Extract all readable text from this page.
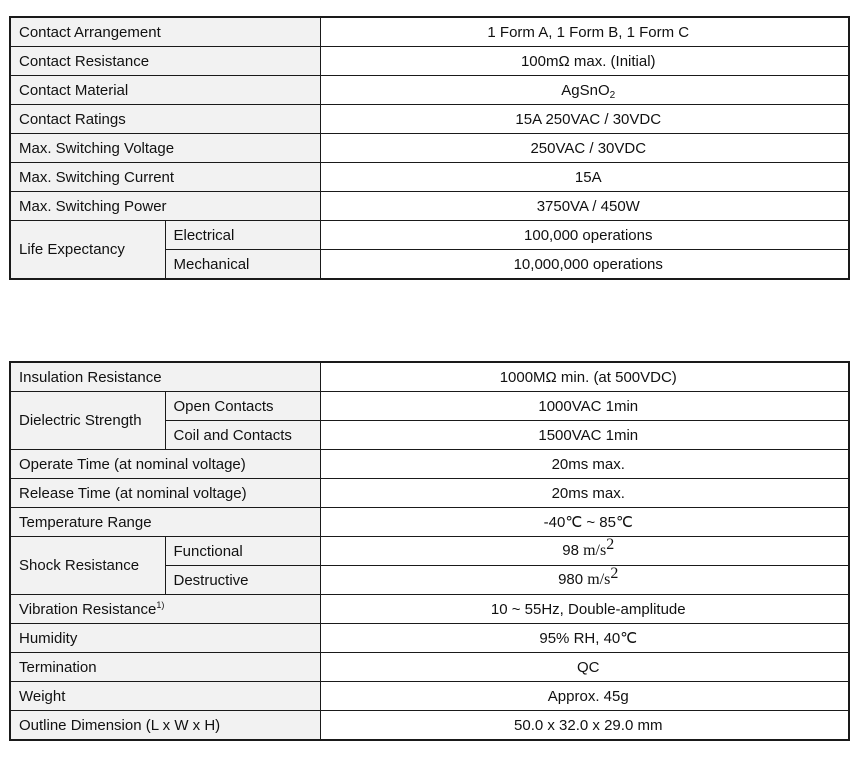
Contact Arrangement		1 Form A, 1 Form B, 1 Form C
Contact Resistance		100mΩ max. (Initial)
Contact Material		AgSnO$_2$
Contact Ratings		15A 250VAC / 30VDC
Max. Switching Voltage		250VAC / 30VDC
Max. Switching Current		15A
Max. Switching Power		3750VA / 450W
Life Expectancy	Electrical	100,000 operations
	Mechanical	10,000,000 operations
Insulation Resistance		1000MΩ min. (at 500VDC)
Dielectric Strength	Open Contacts	1000VAC 1min
	Coil and Contacts	1500VAC 1min
Operate Time (at nominal voltage)		20ms max.
Release Time (at nominal voltage)		20ms max.
Temperature Range		-40℃ ~ 85℃
Shock Resistance	Functional	98 $m/s^2$
	Destructive	980 $m/s^2$
Vibration Resistance$^{1)}$		10 ~ 55Hz, Double-amplitude
Humidity		95% RH, 40℃
Termination		QC
Weight		Approx. 45g
Outline Dimension (L x W x H)		50.0 x 32.0 x 29.0 mm
